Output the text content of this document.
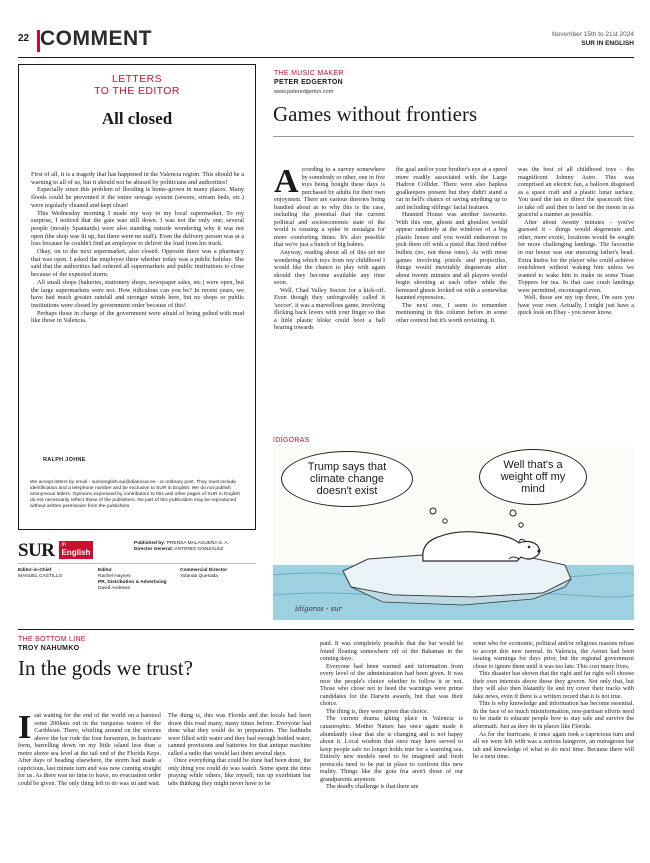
22 COMMENT	November 15th to 21st 2024
SUR IN ENGLISH
LETTERS
TO THE EDITOR
All closed

First of all, it is a tragedy that has happened in the Valencia region. This should be a warning to all of us, but it should not be abused by politicians and authorities!

Especially since this problem of flooding is home-grown in many places. Many floods could be prevented if the entire sewage system (sewers, stream beds, etc.) were regularly cleaned and kept clean!

This Wednesday morning I made my way to my local supermarket. To my surprise, I noticed that the gate was still down. I was not the only one; several people (mostly Spaniards) were also standing outside wondering why it was not open (the shop was lit up, but there were no staff). Even the delivery person was at a loss because he couldn't find an employee to deliver the load from his truck.

Okay, on to the next supermarket, also closed. Opposite there was a pharmacy that was open. I asked the employee there whether today was a public holiday. She said that the authorities had ordered all supermarkets and public institutions to close because of the expected storm.

All small shops (bakeries, stationery shops, newspaper sales, etc.) were open, but the large supermarkets were not. How ridiculous can you be? In recent years, we have had much greater rainfall and stronger winds here, but no shops or public institutions were closed by government order because of this!

Perhaps those in charge of the government were afraid of being pelted with mud like those in Valencia.

RALPH JOHNE
We accept letters by email - surinenglish.sui@diariosur.es - or ordinary post. They must include identification and a telephone number and be exclusive to SUR in English. We do not publish anonymous letters. Opinions expressed by contributors to this and other pages of SUR in English do not necessarily reflect those of the publishers. No part of this publication may be reproduced without written permission from the publishers.
SUR in
English
Published by: PRENSA MALAGUEÑA S. A.
Director General: ANTONIO GONZÁLEZ
Editor-in-Chief
MANUEL CASTILLO
Editor
Rachel Haynes
PR, Distribution & Advertising
David Andrews
Commercial Director
Yolanda Quesada
THE MUSIC MAKER
PETER EDGERTON
www.peteredgerton.com
Games without frontiers
A ccording to a survey somewhere by somebody or other, one in five toys being bought these days is purchased by adults for their own enjoyment. There are various theories being bandied about as to why this is the case, including the potential that the current political and socioeconomic state of the world is causing a spike in nostalgia for more comforting times. It's also possible that we're just a bunch of big babies.

Anyway, reading about all of this set me wondering which toys from my childhood I would like the chance to play with again should they become available any time soon.

Well, Chad Valley Soccer for a kick-off. Even though they unforgivably called it 'soccer', it was a marvellous game, involving flicking back levers with your finger so that a little plastic bloke could boot a ball bearing towards

the goal and/or your brother's eye at a speed more readily associated with the Large Hadron Collider. There were also hapless goalkeepers present but they didn't stand a cat in hell's chance of saving anything up to and including siblings' facial features.

Haunted House was another favourite. With this one, ghosts and ghoulies would appear randomly at the windows of a big plastic house and you would endeavour to pick them off with a pistol that fired rubber bullets (no, not those ones). As with most games involving pistols and projectiles, things would inevitably degenerate after about twenty minutes and all players would begin shooting at each other while the bemused ghosts looked on with a somewhat haunted expression.

The next one, I seem to remember mentioning in this column before in some other context but it's worth revisiting. It

was the best of all childhood toys - the magnificent Johnny Astro. This was comprised an electric fan, a balloon disguised as a space craft and a plastic lunar surface. You used the fan to direct the spacecraft first to take off and then to land on the moon in as graceful a manner as possible.

After about twenty minutes - you've guessed it - things would degenerate and other, more exotic, locations would be sought for more challenging landings. The favourite in our house was our snoozing father's head. Extra kudos for the player who could achieve touchdown without waking him unless we wanted to wake him to make us some Toast Toppers for tea. In that case crash landings were permitted, encouraged even.

Well, those are my top three, I'm sure you have your own. Actually, I might just have a quick look on Ebay - you never know.

IDÍGORAS
Trump says that climate change doesn't exist
Well that's a weight off my mind
idígoras - sur
THE BOTTOM LINE
TROY NAHUMKO
In the gods we trust?
I sat waiting for the end of the world on a barstool some 200kms out in the turquoise waters of the Caribbean. There, whirling around on the screens above the bar rode the four horsemen, in hurricane form, barrelling down on my little island less than a metre above sea level at the tail end of the Florida Keys. After days of heading elsewhere, the storm had made a capricious, last minute turn and was now coming straight for us. As there was no time to leave, no evacuation order could be given. The only thing left to do was sit and wait.

The thing is, this was Florida and the locals had been down this road many, many times before. Everyone had done what they could do in preparation. The bathtubs were filled with water and they had enough bottled water, canned provisions and batteries for that antique machine called a radio that would last them several days.

Once everything that could be done had been done, the only thing you could do was watch. Some spent the time praying while others, like myself, ran up exorbitant bar tabs thinking they might never have to be

paid. It was completely possible that the bar would be found floating somewhere off of the Bahamas in the coming days.

Everyone had been warned and information from every level of the administration had been given. It was now the people's choice whether to follow it or not. Those who chose not to heed the warnings were prime candidates for the Darwin awards, but that was their choice.

The thing is, they were given that choice.

The current drama taking place in Valencia is catastrophic. Mother Nature has once again made it abundantly clear that she is changing and is not happy about it. Local wisdom that once may have served to keep people safe no longer holds true for a warming sea. Entirely new models need to be imagined and fresh protocols need to be put in place to confront this new reality. Things like the gota fría aren't those of our grandparents anymore.

The deadly challenge is that there are

some who for economic, political and/or religious reasons refuse to accept this new normal. In Valencia, the Aemet had been issuing warnings for days prior, but the regional government chose to ignore them until it was too late. This cost many lives.

This disaster has shown that the right and far right will choose their own interests above those they govern. Not only that, but they will also then blatantly lie and try cover their tracks with fake news, even if there is a written record that it is not true.

This is why knowledge and information has become essential. In the face of so much misinformation, non-partisan efforts need to be made to educate people how to stay safe and survive the aftermath. Just as they do in places like Florida.

As for the hurricane, it once again took a capricious turn and all we were left with was a serious hangover, an outrageous bar tab and knowledge of what to do next time. Because there will be a next time.
